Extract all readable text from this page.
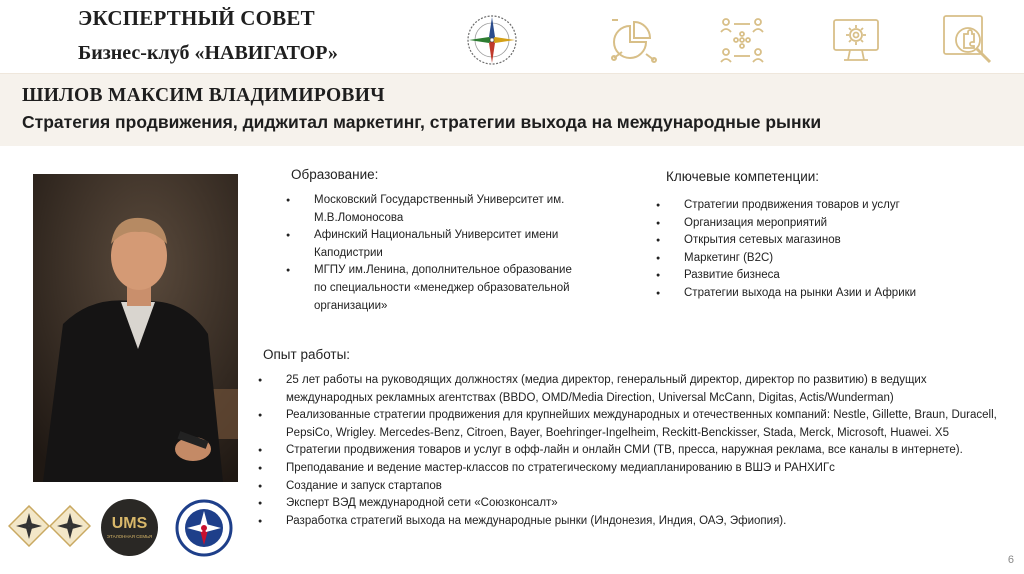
ЭКСПЕРТНЫЙ СОВЕТ
Бизнес-клуб «НАВИГАТОР»
ШИЛОВ МАКСИМ ВЛАДИМИРОВИЧ
Стратегия продвижения, диджитал маркетинг, стратегии выхода на международные рынки
Образование:
● Московский Государственный Университет им. М.В.Ломоносова
● Афинский Национальный Университет имени Каподистрии
● МГПУ им.Ленина, дополнительное образование по специальности «менеджер образовательной организации»
Ключевые компетенции:
● Стратегии продвижения товаров и услуг
● Организация мероприятий
● Открытия сетевых магазинов
● Маркетинг (B2C)
● Развитие бизнеса
● Стратегии выхода на рынки Азии и Африки
Опыт работы:
● 25 лет работы на руководящих должностях (медиа директор, генеральный директор, директор по развитию) в ведущих международных рекламных агентствах (BBDO, OMD/Media Direction, Universal McCann, Digitas, Actis/Wunderman)
● Реализованные стратегии продвижения для крупнейших международных и отечественных компаний: Nestle, Gillette, Braun, Duracell, PepsiCo, Wrigley. Mercedes-Benz, Citroen, Bayer, Boehringer-Ingelheim, Reckitt-Benckisser, Stada, Merck, Microsoft, Huawei. X5
● Стратегии продвижения товаров и услуг в офф-лайн и онлайн СМИ (ТВ, пресса, наружная реклама, все каналы в интернете).
● Преподавание и ведение мастер-классов по стратегическому медиапланированию в ВШЭ и РАНХИГс
● Создание и запуск стартапов
● Эксперт ВЭД международной сети «Союзконсалт»
● Разработка стратегий выхода на международные рынки (Индонезия, Индия, ОАЭ, Эфиопия).
UMS
ЭТАЛОННАЯ СЕМЬЯ
6
